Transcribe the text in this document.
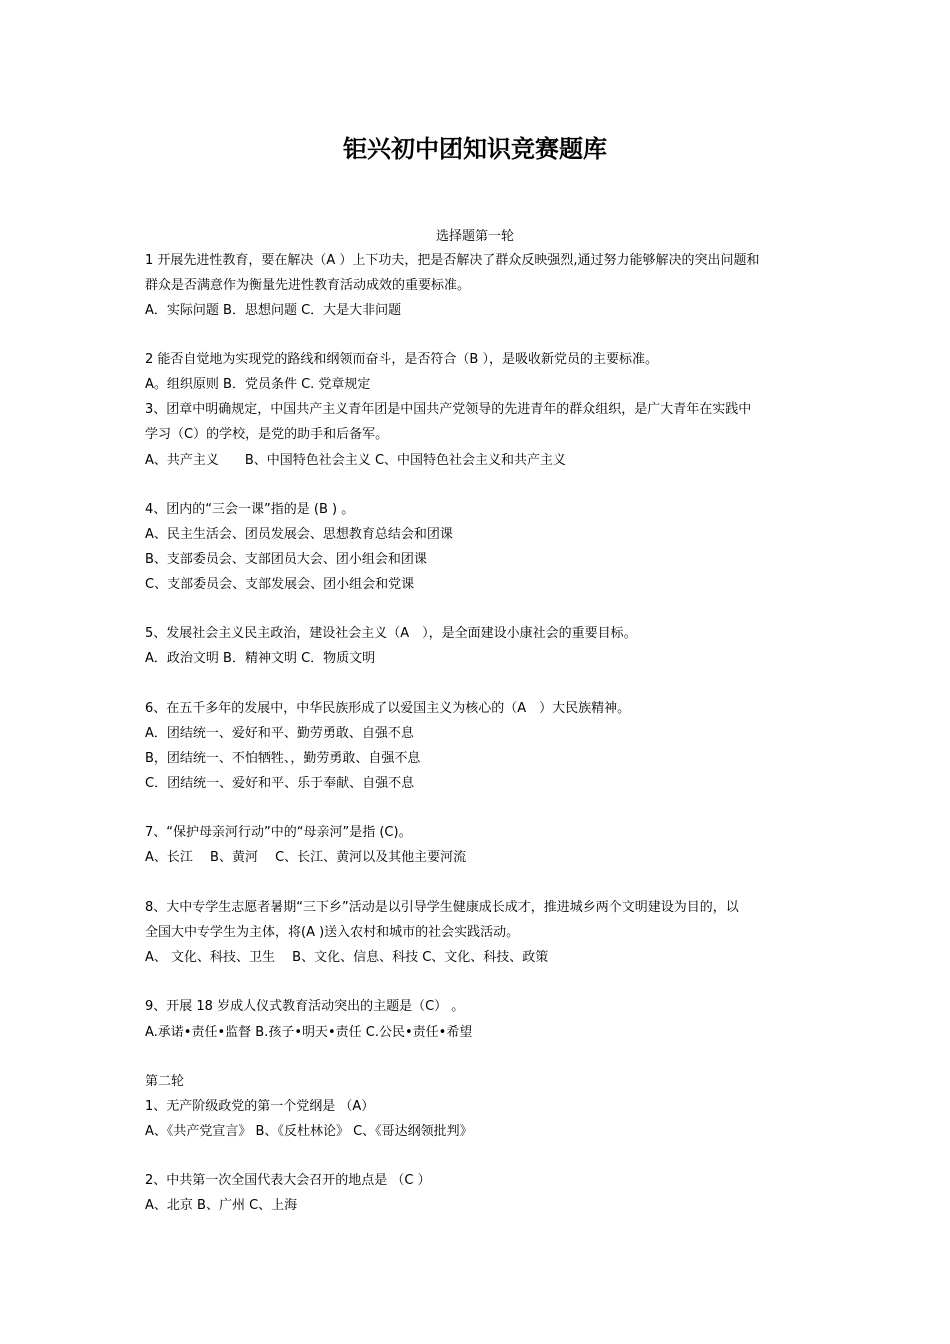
钜兴初中团知识竞赛题库
选择题第一轮
1 开展先进性教育，要在解决（A ）上下功夫，把是否解决了群众反映强烈,通过努力能够解决的突出问题和
群众是否满意作为衡量先进性教育活动成效的重要标准。
A．实际问题 B．思想问题 C．大是大非问题
2 能否自觉地为实现党的路线和纲领而奋斗，是否符合（B ），是吸收新党员的主要标准。
A。组织原则 B．党员条件 C. 党章规定
3、团章中明确规定，中国共产主义青年团是中国共产党领导的先进青年的群众组织，是广大青年在实践中
学习（C）的学校，是党的助手和后备军。
A、共产主义　　B、中国特色社会主义 C、中国特色社会主义和共产主义
4、团内的“三会一课”指的是 (B ) 。
A、民主生活会、团员发展会、思想教育总结会和团课
B、支部委员会、支部团员大会、团小组会和团课
C、支部委员会、支部发展会、团小组会和党课
5、发展社会主义民主政治，建设社会主义（A　），是全面建设小康社会的重要目标。
A．政治文明 B．精神文明 C．物质文明
6、在五千多年的发展中，中华民族形成了以爱国主义为核心的（A　）大民族精神。
A．团结统一、爱好和平、勤劳勇敢、自强不息
B，团结统一、不怕牺牲、，勤劳勇敢、自强不息
C．团结统一、爱好和平、乐于奉献、自强不息
7、“保护母亲河行动”中的“母亲河”是指 (C)。
A、长江　 B、黄河　 C、长江、黄河以及其他主要河流
8、大中专学生志愿者暑期“三下乡”活动是以引导学生健康成长成才，推进城乡两个文明建设为目的，以
全国大中专学生为主体，将(A )送入农村和城市的社会实践活动。
A、 文化、科技、卫生　 B、文化、信息、科技 C、文化、科技、政策
9、开展 18 岁成人仪式教育活动突出的主题是（C） 。
A.承诺•责任•监督 B.孩子•明天•责任 C.公民•责任•希望
第二轮
1、无产阶级政党的第一个党纲是 （A）
A、《共产党宣言》 B、《反杜林论》 C、《哥达纲领批判》
2、中共第一次全国代表大会召开的地点是 （C ）
A、北京 B、广州 C、上海
